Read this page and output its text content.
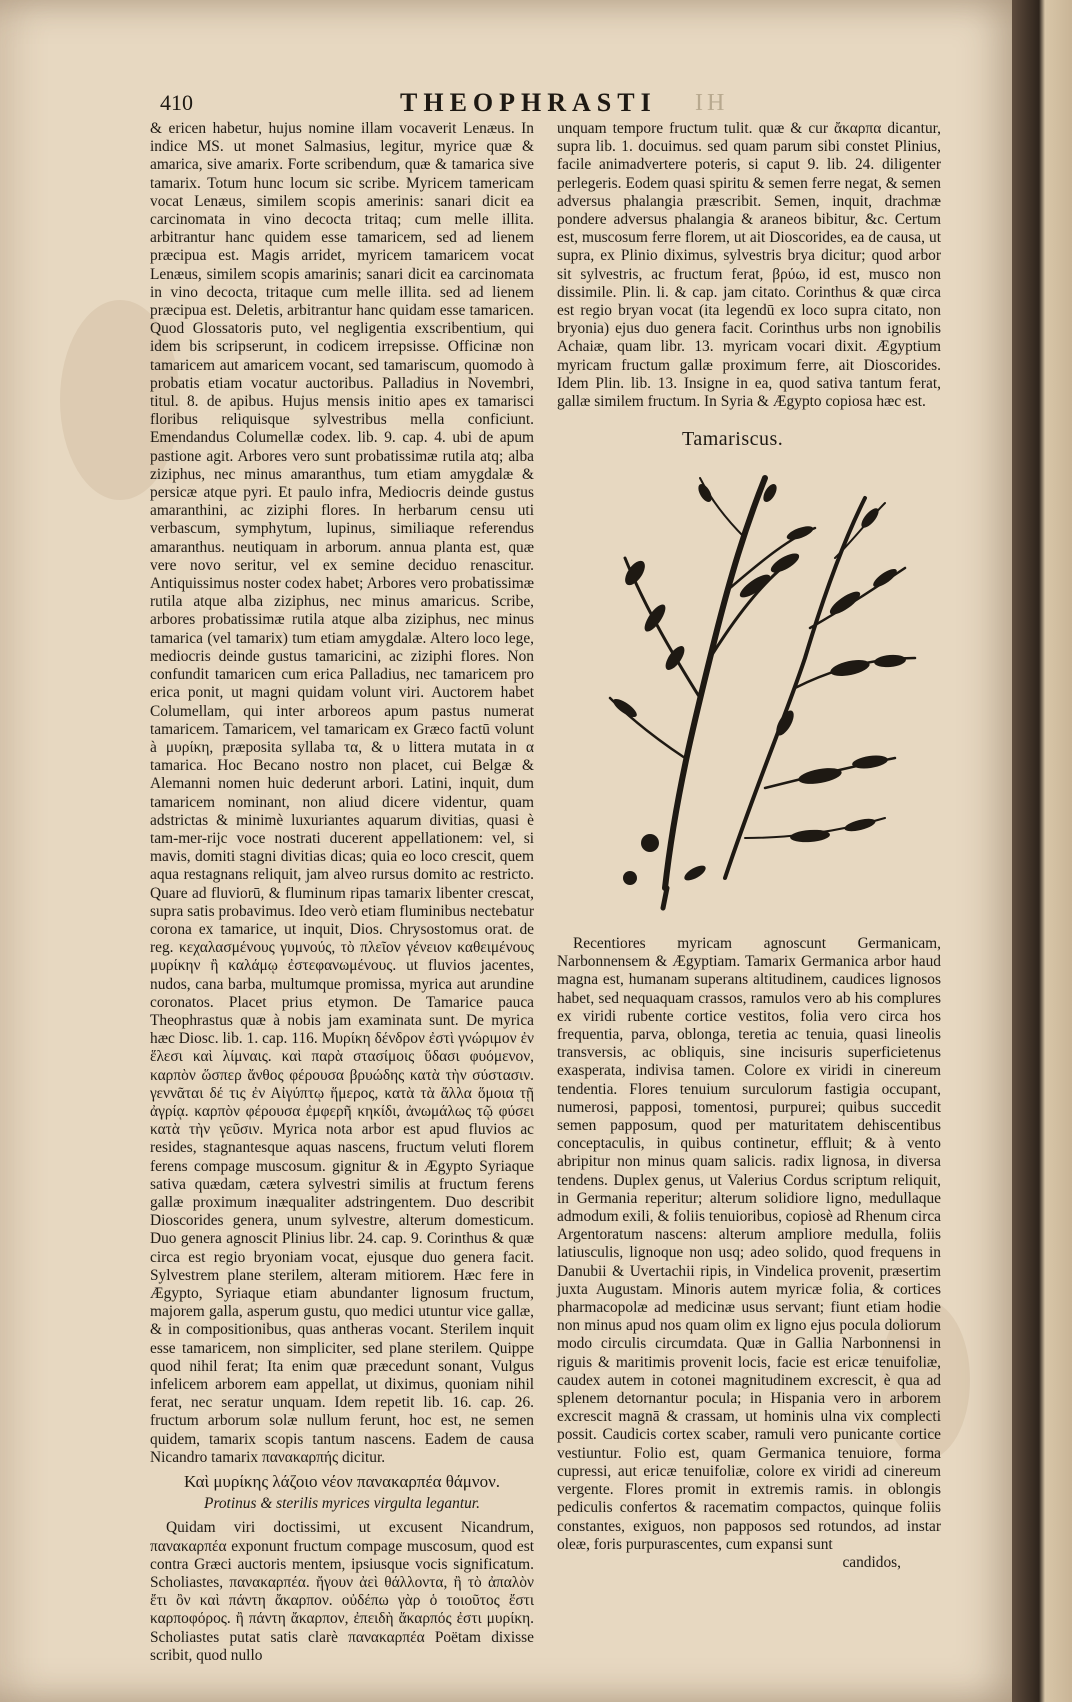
410	THEOPHRASTI IH

& ericen habetur, hujus nomine illam vocaverit Lenæus. In indice MS. ut monet Salmasius, legitur, myrice quæ & amarica, sive amarix. Forte scribendum, quæ & tamarica sive tamarix. Totum hunc locum sic scribe. Myricem tamericam vocat Lenæus, similem scopis amerinis: sanari dicit ea carcinomata in vino decocta tritaq; cum melle illita. arbitrantur hanc quidem esse tamaricem, sed ad lienem præcipua est. Magis arridet, myricem tamaricem vocat Lenæus, similem scopis amarinis; sanari dicit ea carcinomata in vino decocta, tritaque cum melle illita. sed ad lienem præcipua est. Deletis, arbitrantur hanc quidam esse tamaricen. Quod Glossatoris puto, vel negligentia exscribentium, qui idem bis scripserunt, in codicem irrepsisse. Officinæ non tamaricem aut amaricem vocant, sed tamariscum, quomodo à probatis etiam vocatur auctoribus. Palladius in Novembri, titul. 8. de apibus. Hujus mensis initio apes ex tamarisci floribus reliquisque sylvestribus mella conficiunt. Emendandus Columellæ codex. lib. 9. cap. 4. ubi de apum pastione agit. Arbores vero sunt probatissimæ rutila atq; alba ziziphus, nec minus amaranthus, tum etiam amygdalæ & persicæ atque pyri. Et paulo infra, Mediocris deinde gustus amaranthini, ac ziziphi flores. In herbarum censu uti verbascum, symphytum, lupinus, similiaque referendus amaranthus. neutiquam in arborum. annua planta est, quæ vere novo seritur, vel ex semine deciduo renascitur. Antiquissimus noster codex habet; Arbores vero probatissimæ rutila atque alba ziziphus, nec minus amaricus. Scribe, arbores probatissimæ rutila atque alba ziziphus, nec minus tamarica (vel tamarix) tum etiam amygdalæ. Altero loco lege, mediocris deinde gustus tamaricini, ac ziziphi flores. Non confundit tamaricen cum erica Palladius, nec tamaricem pro erica ponit, ut magni quidam volunt viri. Auctorem habet Columellam, qui inter arboreos apum pastus numerat tamaricem. Tamaricem, vel tamaricam ex Græco factū volunt à μυρίκη, præposita syllaba τα, & υ littera mutata in α tamarica. Hoc Becano nostro non placet, cui Belgæ & Alemanni nomen huic dederunt arbori. Latini, inquit, dum tamaricem nominant, non aliud dicere videntur, quam adstrictas & minimè luxuriantes aquarum divitias, quasi è tam-mer-rijc voce nostrati ducerent appellationem: vel, si mavis, domiti stagni divitias dicas; quia eo loco crescit, quem aqua restagnans reliquit, jam alveo rursus domito ac restricto. Quare ad fluviorū, & fluminum ripas tamarix libenter crescat, supra satis probavimus. Ideo verò etiam fluminibus nectebatur corona ex tamarice, ut inquit, Dios. Chrysostomus orat. de reg. κεχαλασμένους γυμνούς, τὸ πλεῖον γένειον καθειμένους μυρίκην ἢ καλάμῳ ἐστεφανωμένους. ut fluvios jacentes, nudos, cana barba, multumque promissa, myrica aut arundine coronatos. Placet prius etymon. De Tamarice pauca Theophrastus quæ à nobis jam examinata sunt. De myrica hæc Diosc. lib. 1. cap. 116. Μυρίκη δένδρον ἐστὶ γνώριμον ἐν ἕλεσι καὶ λίμναις. καὶ παρὰ στασίμοις ὕδασι φυόμενον, καρπὸν ὥσπερ ἄνθος φέρουσα βρυώδης κατὰ τὴν σύστασιν. γεννᾶται δέ τις ἐν Αἰγύπτῳ ἥμερος, κατὰ τὰ ἄλλα ὅμοια τῇ ἀγρίᾳ. καρπὸν φέρουσα ἐμφερῆ κηκίδι, ἀνωμάλως τῷ φύσει κατὰ τὴν γεῦσιν. Myrica nota arbor est apud fluvios ac resides, stagnantesque aquas nascens, fructum veluti florem ferens compage muscosum. gignitur & in Ægypto Syriaque sativa quædam, cætera sylvestri similis at fructum ferens gallæ proximum inæqualiter adstringentem. Duo describit Dioscorides genera, unum sylvestre, alterum domesticum. Duo genera agnoscit Plinius libr. 24. cap. 9. Corinthus & quæ circa est regio bryoniam vocat, ejusque duo genera facit. Sylvestrem plane sterilem, alteram mitiorem. Hæc fere in Ægypto, Syriaque etiam abundanter lignosum fructum, majorem galla, asperum gustu, quo medici utuntur vice gallæ, & in compositionibus, quas antheras vocant. Sterilem inquit esse tamaricem, non simpliciter, sed plane sterilem. Quippe quod nihil ferat; Ita enim quæ præcedunt sonant, Vulgus infelicem arborem eam appellat, ut diximus, quoniam nihil ferat, nec seratur unquam. Idem repetit lib. 16. cap. 26. fructum arborum solæ nullum ferunt, hoc est, ne semen quidem, tamarix scopis tantum nascens. Eadem de causa Nicandro tamarix πανακαρπής dicitur.

Καὶ μυρίκης λάζοιο νέον πανακαρπέα θάμνον.

Protinus & sterilis myrices virgulta legantur.

Quidam viri doctissimi, ut excusent Nicandrum, πανακαρπέα exponunt fructum compage muscosum, quod est contra Græci auctoris mentem, ipsiusque vocis significatum. Scholiastes, πανακαρπέα. ἤγουν ἀεὶ θάλλοντα, ἢ τὸ ἀπαλὸν ἔτι ὂν καὶ πάντη ἄκαρπον. οὐδέπω γὰρ ὁ τοιοῦτος ἔστι καρποφόρος. ἢ πάντη ἄκαρπον, ἐπειδὴ ἄκαρπός ἐστι μυρίκη. Scholiastes putat satis clarè πανακαρπέα Poëtam dixisse scribit, quod nullo

unquam tempore fructum tulit. quæ & cur ἄκαρπα dicantur, supra lib. 1. docuimus. sed quam parum sibi constet Plinius, facile animadvertere poteris, si caput 9. lib. 24. diligenter perlegeris. Eodem quasi spiritu & semen ferre negat, & semen adversus phalangia præscribit. Semen, inquit, drachmæ pondere adversus phalangia & araneos bibitur, &c. Certum est, muscosum ferre florem, ut ait Dioscorides, ea de causa, ut supra, ex Plinio diximus, sylvestris brya dicitur; quod arbor sit sylvestris, ac fructum ferat, βρύω, id est, musco non dissimile. Plin. li. & cap. jam citato. Corinthus & quæ circa est regio bryan vocat (ita legendū ex loco supra citato, non bryonia) ejus duo genera facit. Corinthus urbs non ignobilis Achaiæ, quam libr. 13. myricam vocari dixit. Ægyptium myricam fructum gallæ proximum ferre, ait Dioscorides. Idem Plin. lib. 13. Insigne in ea, quod sativa tantum ferat, gallæ similem fructum. In Syria & Ægypto copiosa hæc est.

Tamariscus.

Recentiores myricam agnoscunt Germanicam, Narbonnensem & Ægyptiam. Tamarix Germanica arbor haud magna est, humanam superans altitudinem, caudices lignosos habet, sed nequaquam crassos, ramulos vero ab his complures ex viridi rubente cortice vestitos, folia vero circa hos frequentia, parva, oblonga, teretia ac tenuia, quasi lineolis transversis, ac obliquis, sine incisuris superficietenus exasperata, indivisa tamen. Colore ex viridi in cinereum tendentia. Flores tenuium surculorum fastigia occupant, numerosi, papposi, tomentosi, purpurei; quibus succedit semen papposum, quod per maturitatem dehiscentibus conceptaculis, in quibus continetur, effluit; & à vento abripitur non minus quam salicis. radix lignosa, in diversa tendens. Duplex genus, ut Valerius Cordus scriptum reliquit, in Germania reperitur; alterum solidiore ligno, medullaque admodum exili, & foliis tenuioribus, copiosè ad Rhenum circa Argentoratum nascens: alterum ampliore medulla, foliis latiusculis, lignoque non usq; adeo solido, quod frequens in Danubii & Uvertachii ripis, in Vindelica provenit, præsertim juxta Augustam. Minoris autem myricæ folia, & cortices pharmacopolæ ad medicinæ usus servant; fiunt etiam hodie non minus apud nos quam olim ex ligno ejus pocula doliorum modo circulis circumdata. Quæ in Gallia Narbonnensi in riguis & maritimis provenit locis, facie est ericæ tenuifoliæ, caudex autem in cotonei magnitudinem excrescit, è qua ad splenem detornantur pocula; in Hispania vero in arborem excrescit magnā & crassam, ut hominis ulna vix complecti possit. Caudicis cortex scaber, ramuli vero punicante cortice vestiuntur. Folio est, quam Germanica tenuiore, forma cupressi, aut ericæ tenuifoliæ, colore ex viridi ad cinereum vergente. Flores promit in extremis ramis. in oblongis pediculis confertos & racematim compactos, quinque foliis constantes, exiguos, non papposos sed rotundos, ad instar oleæ, foris purpurascentes, cum expansi sunt

candidos,
